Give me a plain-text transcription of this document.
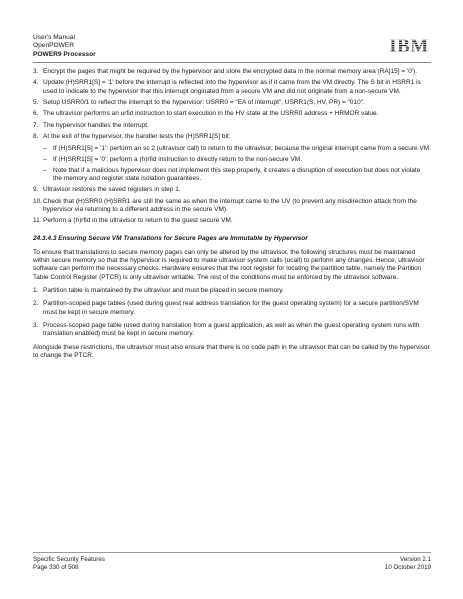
User's Manual
OpenPOWER
POWER9 Processor	IBM
3. Encrypt the pages that might be required by the hypervisor and store the encrypted data in the normal memory area (RA[15] = '0').
4. Update (H)SRR1[S] = '1' before the interrupt is reflected into the hypervisor as if it came from the VM directly. The S bit in HSRR1 is used to indicate to the hypervisor that this interrupt originated from a secure VM and did not originate from a non-secure VM.
5. Setup USRR0/1 to reflect the interrupt to the hypervisor: USRR0 = "EA of interrupt", USRR1(S, HV, PR) = "010".
6. The ultravisor performs an urfid instruction to start execution in the HV state at the USRR0 address + HRMOR value.
7. The hypervisor handles the interrupt.
8. At the exit of the hypervisor, the handler tests the (H)SRR1[S] bit:
– If (H)SRR1[S] = '1': perform an sc 2 (ultravisor call) to return to the ultravisor, because the original interrupt came from a secure VM.
– If (H)SRR1[S] = '0': perform a (h)rfid instruction to directly return to the non-secure VM.
– Note that if a malicious hypervisor does not implement this step properly, it creates a disruption of execution but does not violate the memory and register state isolation guarantees.
9. Ultravisor restores the saved registers in step 1.
10. Check that (H)SRR0 (H)SRR1 are still the same as when the interrupt came to the UV (to prevent any misdirection attack from the hypervisor via returning to a different address in the secure VM).
11. Perform a (h)rfid in the ultravisor to return to the guest secure VM.
24.3.4.3 Ensuring Secure VM Translations for Secure Pages are Immutable by Hypervisor
To ensure that translations to secure memory pages can only be altered by the ultravisor, the following structures must be maintained within secure memory so that the hypervisor is required to make ultravisor system calls (ucall) to perform any changes. Hence, ultravisor software can perform the necessary checks. Hardware ensures that the root register for locating the partition table, namely the Partition Table Control Register (PTCR) is only ultravisor writable. The rest of the conditions must be enforced by the ultravisor software.
1. Partition table is maintained by the ultravisor and must be placed in secure memory.
2. Partition-scoped page tables (used during guest real address translation for the guest operating system) for a secure partition/SVM must be kept in secure memory.
3. Process-scoped page table (used during translation from a guest application, as well as when the guest operating system runs with translation enabled) must be kept in secure memory.
Alongside these restrictions, the ultravisor must also ensure that there is no code path in the ultravisor that can be called by the hypervisor to change the PTCR.
Specific Security Features
Page 330 of 508
Version 2.1
10 October 2019
